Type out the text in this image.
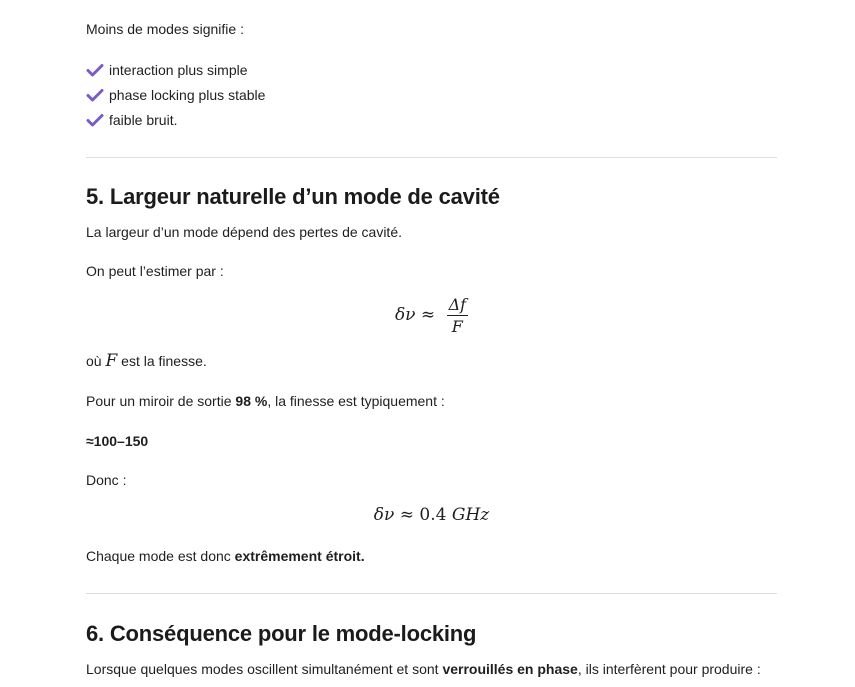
Moins de modes signifie :

interaction plus simple
phase locking plus stable
faible bruit.
5. Largeur naturelle d’un mode de cavité

La largeur d’un mode dépend des pertes de cavité.

On peut l’estimer par :

$\delta\nu \approx \frac{\Delta f}{F}$

où F est la finesse.

Pour un miroir de sortie 98 %, la finesse est typiquement :

≈100–150

Donc :

δν ≈ 0.4 GHz

Chaque mode est donc extrêmement étroit.

6. Conséquence pour le mode-locking

Lorsque quelques modes oscillent simultanément et sont verrouillés en phase, ils interfèrent pour produire :
